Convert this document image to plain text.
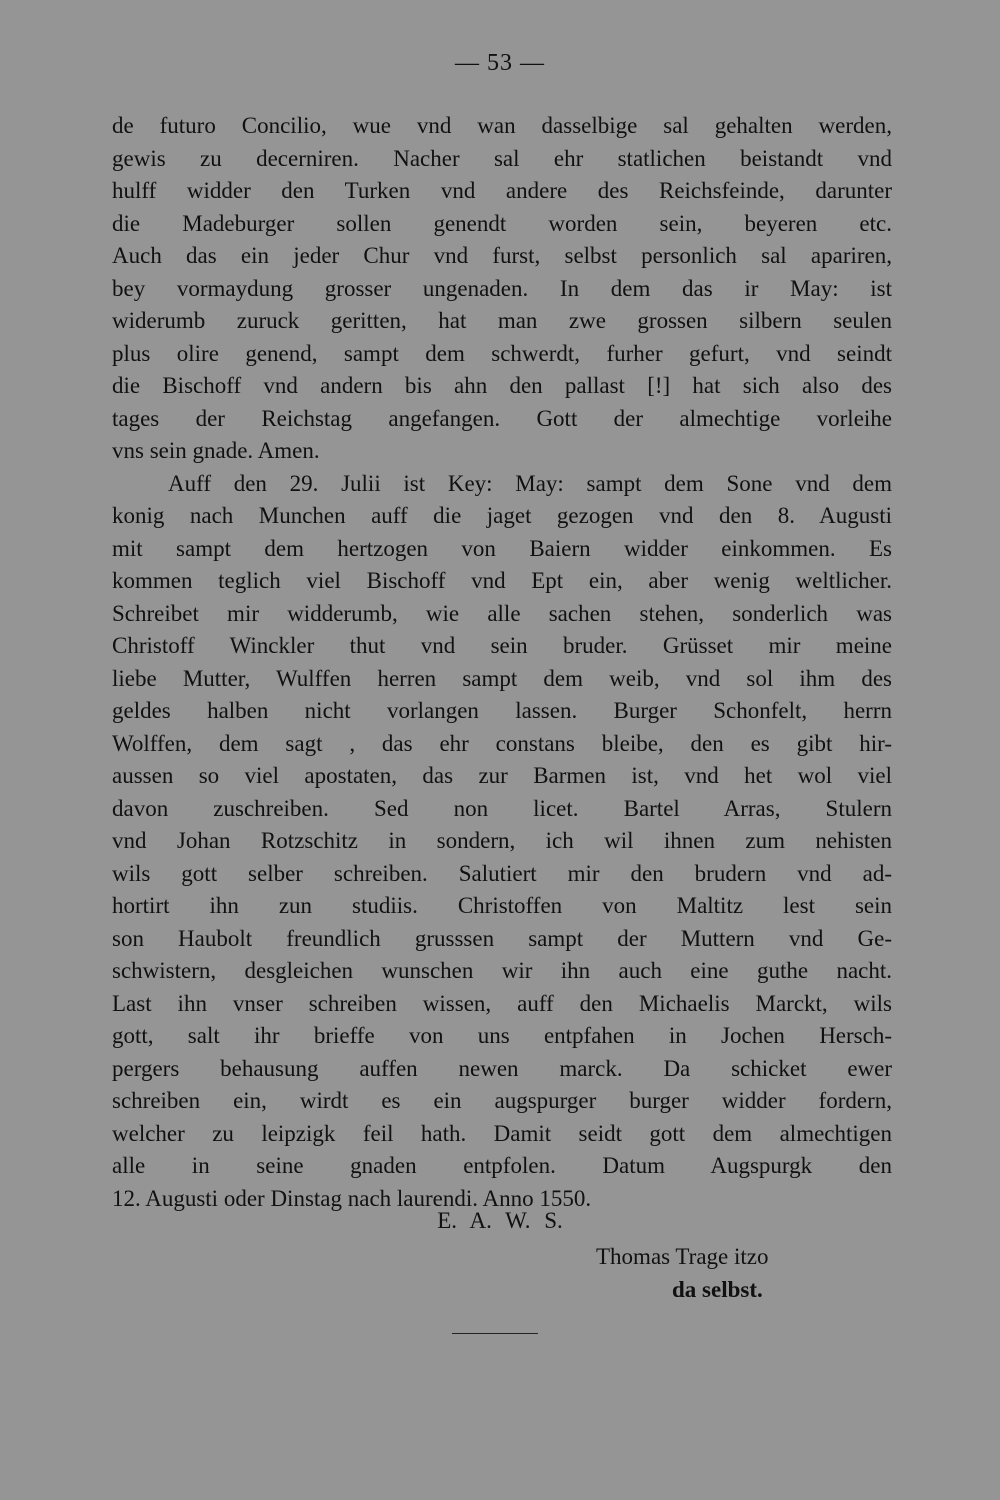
— 53 —
de futuro Concilio, wue vnd wan dasselbige sal gehalten werden,
gewis zu decerniren. Nacher sal ehr statlichen beistandt vnd
hulff widder den Turken vnd andere des Reichsfeinde, darunter
die Madeburger sollen genendt worden sein, beyeren etc.
Auch das ein jeder Chur vnd furst, selbst personlich sal apariren,
bey vormaydung grosser ungenaden. In dem das ir May: ist
widerumb zuruck geritten, hat man zwe grossen silbern seulen
plus olire genend, sampt dem schwerdt, furher gefurt, vnd seindt
die Bischoff vnd andern bis ahn den pallast [!] hat sich also des
tages der Reichstag angefangen. Gott der almechtige vorleihe
vns sein gnade. Amen.
Auff den 29. Julii ist Key: May: sampt dem Sone vnd dem
konig nach Munchen auff die jaget gezogen vnd den 8. Augusti
mit sampt dem hertzogen von Baiern widder einkommen. Es
kommen teglich viel Bischoff vnd Ept ein, aber wenig weltlicher.
Schreibet mir widderumb, wie alle sachen stehen, sonderlich was
Christoff Winckler thut vnd sein bruder. Grüsset mir meine
liebe Mutter, Wulffen herren sampt dem weib, vnd sol ihm des
geldes halben nicht vorlangen lassen. Burger Schonfelt, herrn
Wolffen, dem sagt , das ehr constans bleibe, den es gibt hir-
aussen so viel apostaten, das zur Barmen ist, vnd het wol viel
davon zuschreiben. Sed non licet. Bartel Arras, Stulern
vnd Johan Rotzschitz in sondern, ich wil ihnen zum nehisten
wils gott selber schreiben. Salutiert mir den brudern vnd ad-
hortirt ihn zun studiis. Christoffen von Maltitz lest sein
son Haubolt freundlich grusssen sampt der Muttern vnd Ge-
schwistern, desgleichen wunschen wir ihn auch eine guthe nacht.
Last ihn vnser schreiben wissen, auff den Michaelis Marckt, wils
gott, salt ihr brieffe von uns entpfahen in Jochen Hersch-
pergers behausung auffen newen marck. Da schicket ewer
schreiben ein, wirdt es ein augspurger burger widder fordern,
welcher zu leipzigk feil hath. Damit seidt gott dem almechtigen
alle in seine gnaden entpfolen. Datum Augspurgk den
12. Augusti oder Dinstag nach laurendi. Anno 1550.
E. A. W. S.
Thomas Trage itzo
da selbst.
